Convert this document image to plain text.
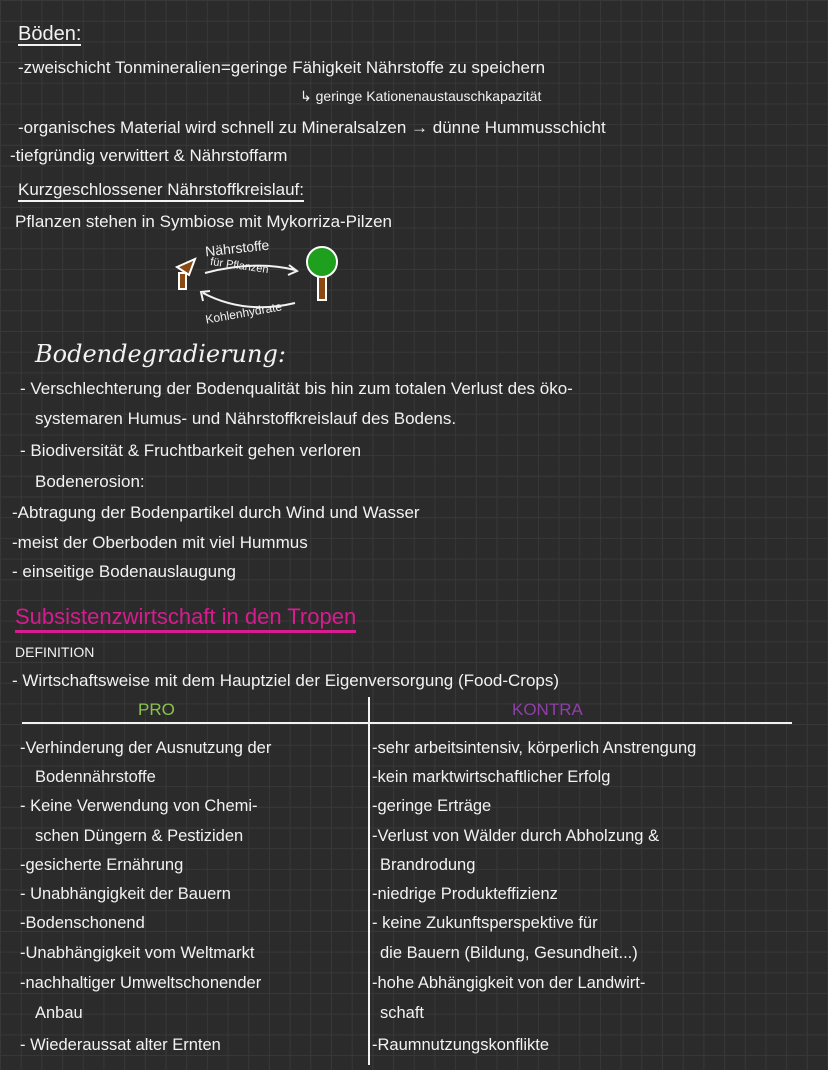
Böden:
-zweischicht Tonmineralien=geringe Fähigkeit Nährstoffe zu speichern
↳ geringe Kationenaustauschkapazität
-organisches Material wird schnell zu Mineralsalzen → dünne Hummusschicht
-tiefgründig verwittert & Nährstoffarm
Kurzgeschlossener Nährstoffkreislauf:
Pflanzen stehen in Symbiose mit Mykorriza-Pilzen
Nährstoffe
für Pflanzen
Kohlenhydrate
Bodendegradierung:
- Verschlechterung der Bodenqualität bis hin zum totalen Verlust des öko-
systemaren Humus- und Nährstoffkreislauf des Bodens.
- Biodiversität & Fruchtbarkeit gehen verloren
Bodenerosion:
-Abtragung der Bodenpartikel durch Wind und Wasser
-meist der Oberboden mit viel Hummus
- einseitige Bodenauslaugung
Subsistenzwirtschaft in den Tropen
DEFINITION
- Wirtschaftsweise mit dem Hauptziel der Eigenversorgung (Food-Crops)
PRO	KONTRA
-Verhinderung der Ausnutzung der
Bodennährstoffe
- Keine Verwendung von Chemi-
schen Düngern & Pestiziden
-gesicherte Ernährung
- Unabhängigkeit der Bauern
-Bodenschonend
-Unabhängigkeit vom Weltmarkt
-nachhaltiger Umweltschonender
Anbau
- Wiederaussat alter Ernten
-sehr arbeitsintensiv, körperlich Anstrengung
-kein marktwirtschaftlicher Erfolg
-geringe Erträge
-Verlust von Wälder durch Abholzung &
Brandrodung
-niedrige Produkteffizienz
- keine Zukunftsperspektive für
die Bauern (Bildung, Gesundheit...)
-hohe Abhängigkeit von der Landwirt-
schaft
-Raumnutzungskonflikte
